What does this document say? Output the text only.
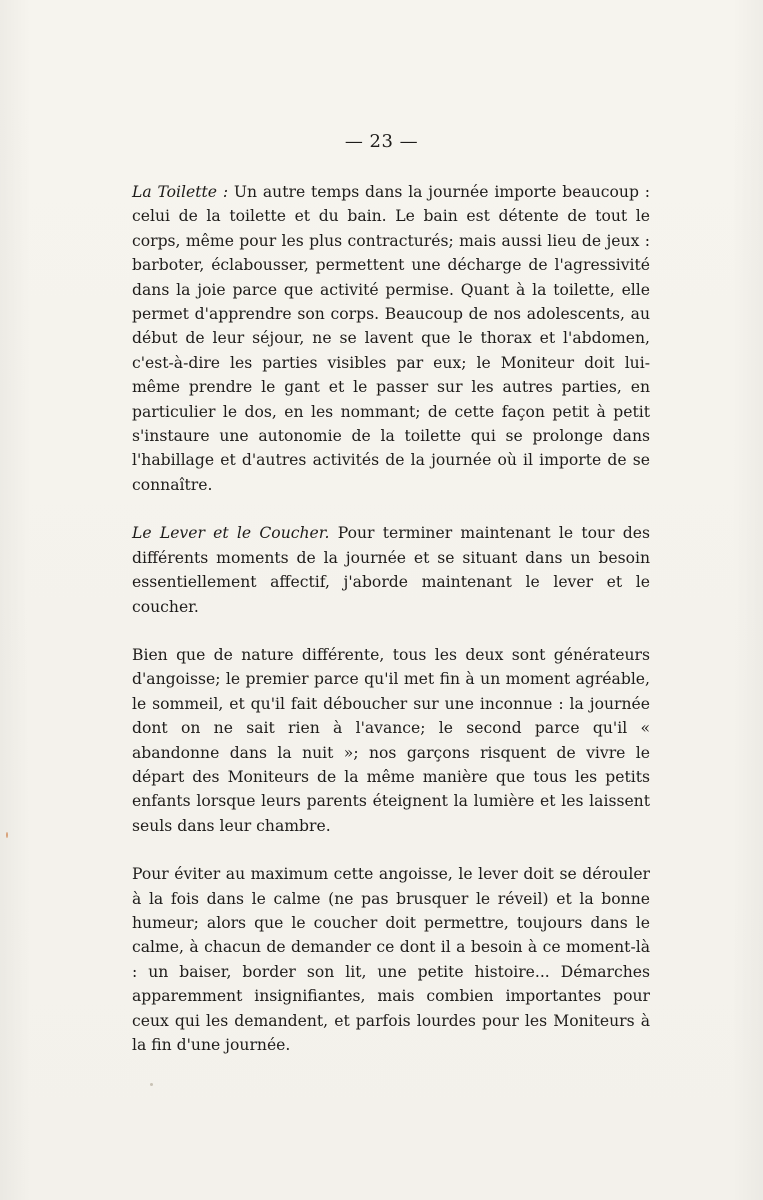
— 23 —

La Toilette : Un autre temps dans la journée importe beaucoup : celui de la toilette et du bain. Le bain est détente de tout le corps, même pour les plus contracturés; mais aussi lieu de jeux : barboter, éclabousser, permettent une décharge de l'agressivité dans la joie parce que activité permise. Quant à la toilette, elle permet d'apprendre son corps. Beaucoup de nos adolescents, au début de leur séjour, ne se lavent que le thorax et l'abdomen, c'est-à-dire les parties visibles par eux; le Moniteur doit lui-même prendre le gant et le passer sur les autres parties, en particulier le dos, en les nommant; de cette façon petit à petit s'instaure une autonomie de la toilette qui se prolonge dans l'habillage et d'autres activités de la journée où il importe de se connaître.

Le Lever et le Coucher. Pour terminer maintenant le tour des différents moments de la journée et se situant dans un besoin essentiellement affectif, j'aborde maintenant le lever et le coucher.

Bien que de nature différente, tous les deux sont générateurs d'angoisse; le premier parce qu'il met fin à un moment agréable, le sommeil, et qu'il fait déboucher sur une inconnue : la journée dont on ne sait rien à l'avance; le second parce qu'il « abandonne dans la nuit »; nos garçons risquent de vivre le départ des Moniteurs de la même manière que tous les petits enfants lorsque leurs parents éteignent la lumière et les laissent seuls dans leur chambre.

Pour éviter au maximum cette angoisse, le lever doit se dérouler à la fois dans le calme (ne pas brusquer le réveil) et la bonne humeur; alors que le coucher doit permettre, toujours dans le calme, à chacun de demander ce dont il a besoin à ce moment-là : un baiser, border son lit, une petite histoire... Démarches apparemment insignifiantes, mais combien importantes pour ceux qui les demandent, et parfois lourdes pour les Moniteurs à la fin d'une journée.
